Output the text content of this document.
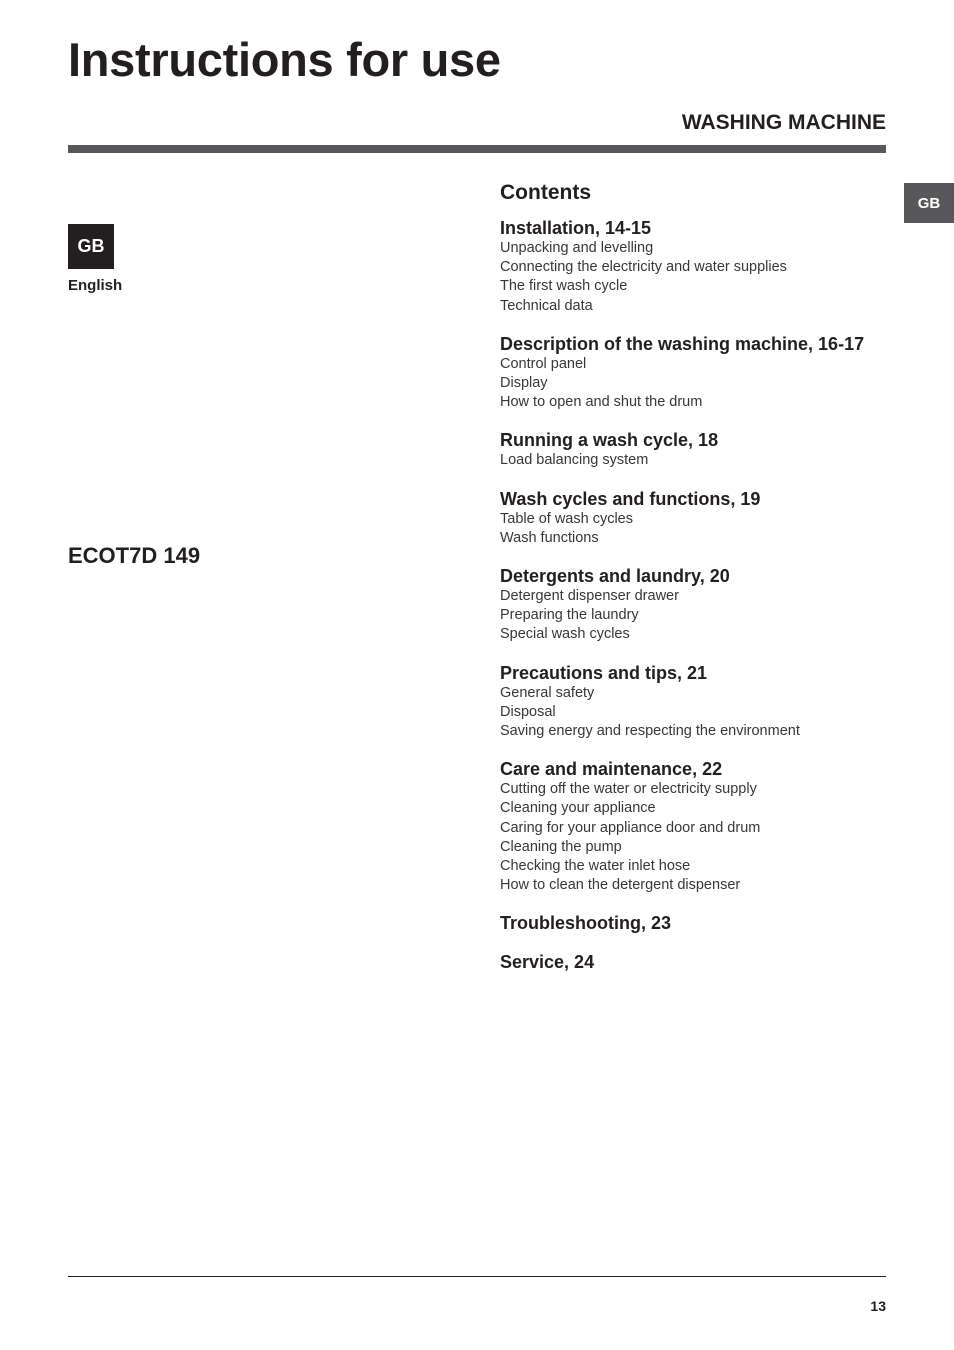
Instructions for use
WASHING MACHINE
GB
GB
English
ECOT7D 149
Contents
Installation, 14-15
Unpacking and levelling
Connecting the electricity and water supplies
The first wash cycle
Technical data
Description of the washing machine, 16-17
Control panel
Display
How to open and shut the drum
Running a wash cycle, 18
Load balancing system
Wash cycles and functions, 19
Table of wash cycles
Wash functions
Detergents and laundry, 20
Detergent dispenser drawer
Preparing the laundry
Special wash cycles
Precautions and tips, 21
General safety
Disposal
Saving energy and respecting the environment
Care and maintenance, 22
Cutting off the water or electricity supply
Cleaning your appliance
Caring for your appliance door and drum
Cleaning the pump
Checking the water inlet hose
How to clean the detergent dispenser
Troubleshooting, 23
Service, 24
13
